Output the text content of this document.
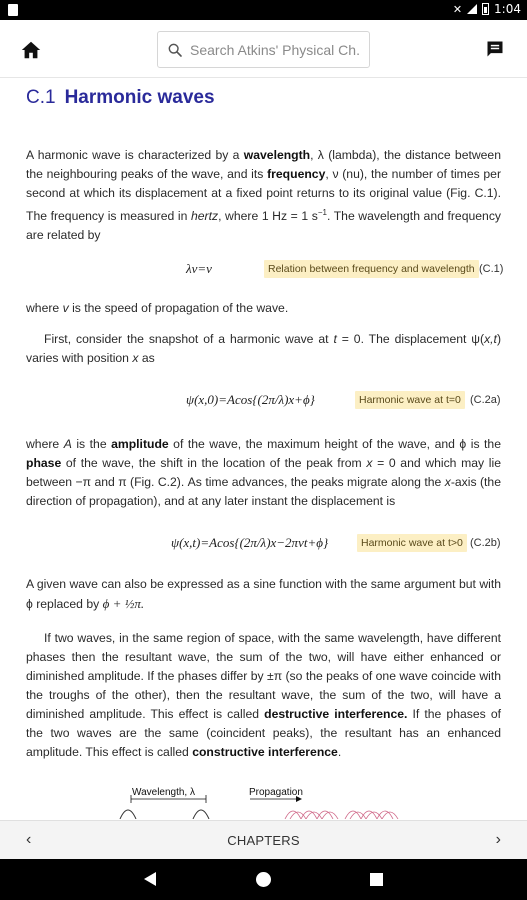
✕	1:04
Search Atkins' Physical Ch...
C.1 Harmonic waves

A harmonic wave is characterized by a wavelength, λ (lambda), the distance between the neighbouring peaks of the wave, and its frequency, ν (nu), the number of times per second at which its displacement at a fixed point returns to its original value (Fig. C.1). The frequency is measured in hertz, where 1 Hz = 1 $s^{-1}$. The wavelength and frequency are related by

λν=v	Relation between frequency and wavelength (C.1)

where v is the speed of propagation of the wave.

First, consider the snapshot of a harmonic wave at t = 0. The displacement ψ(x,t) varies with position x as

ψ(x,0)=Acos{(2π/λ)x+ϕ}	Harmonic wave at t=0 (C.2a)

where A is the amplitude of the wave, the maximum height of the wave, and ϕ is the phase of the wave, the shift in the location of the peak from x = 0 and which may lie between −π and π (Fig. C.2). As time advances, the peaks migrate along the x-axis (the direction of propagation), and at any later instant the displacement is

ψ(x,t)=Acos{(2π/λ)x−2πνt+ϕ}	Harmonic wave at t>0 (C.2b)

A given wave can also be expressed as a sine function with the same argument but with ϕ replaced by ϕ + ½π.

If two waves, in the same region of space, with the same wavelength, have different phases then the resultant wave, the sum of the two, will have either enhanced or diminished amplitude. If the phases differ by ±π (so the peaks of one wave coincide with the troughs of the other), then the resultant wave, the sum of the two, will have a diminished amplitude. This effect is called destructive interference. If the phases of the two waves are the same (coincident peaks), the resultant has an enhanced amplitude. This effect is called constructive interference.

Wavelength, λ	Propagation
‹	CHAPTERS	›
